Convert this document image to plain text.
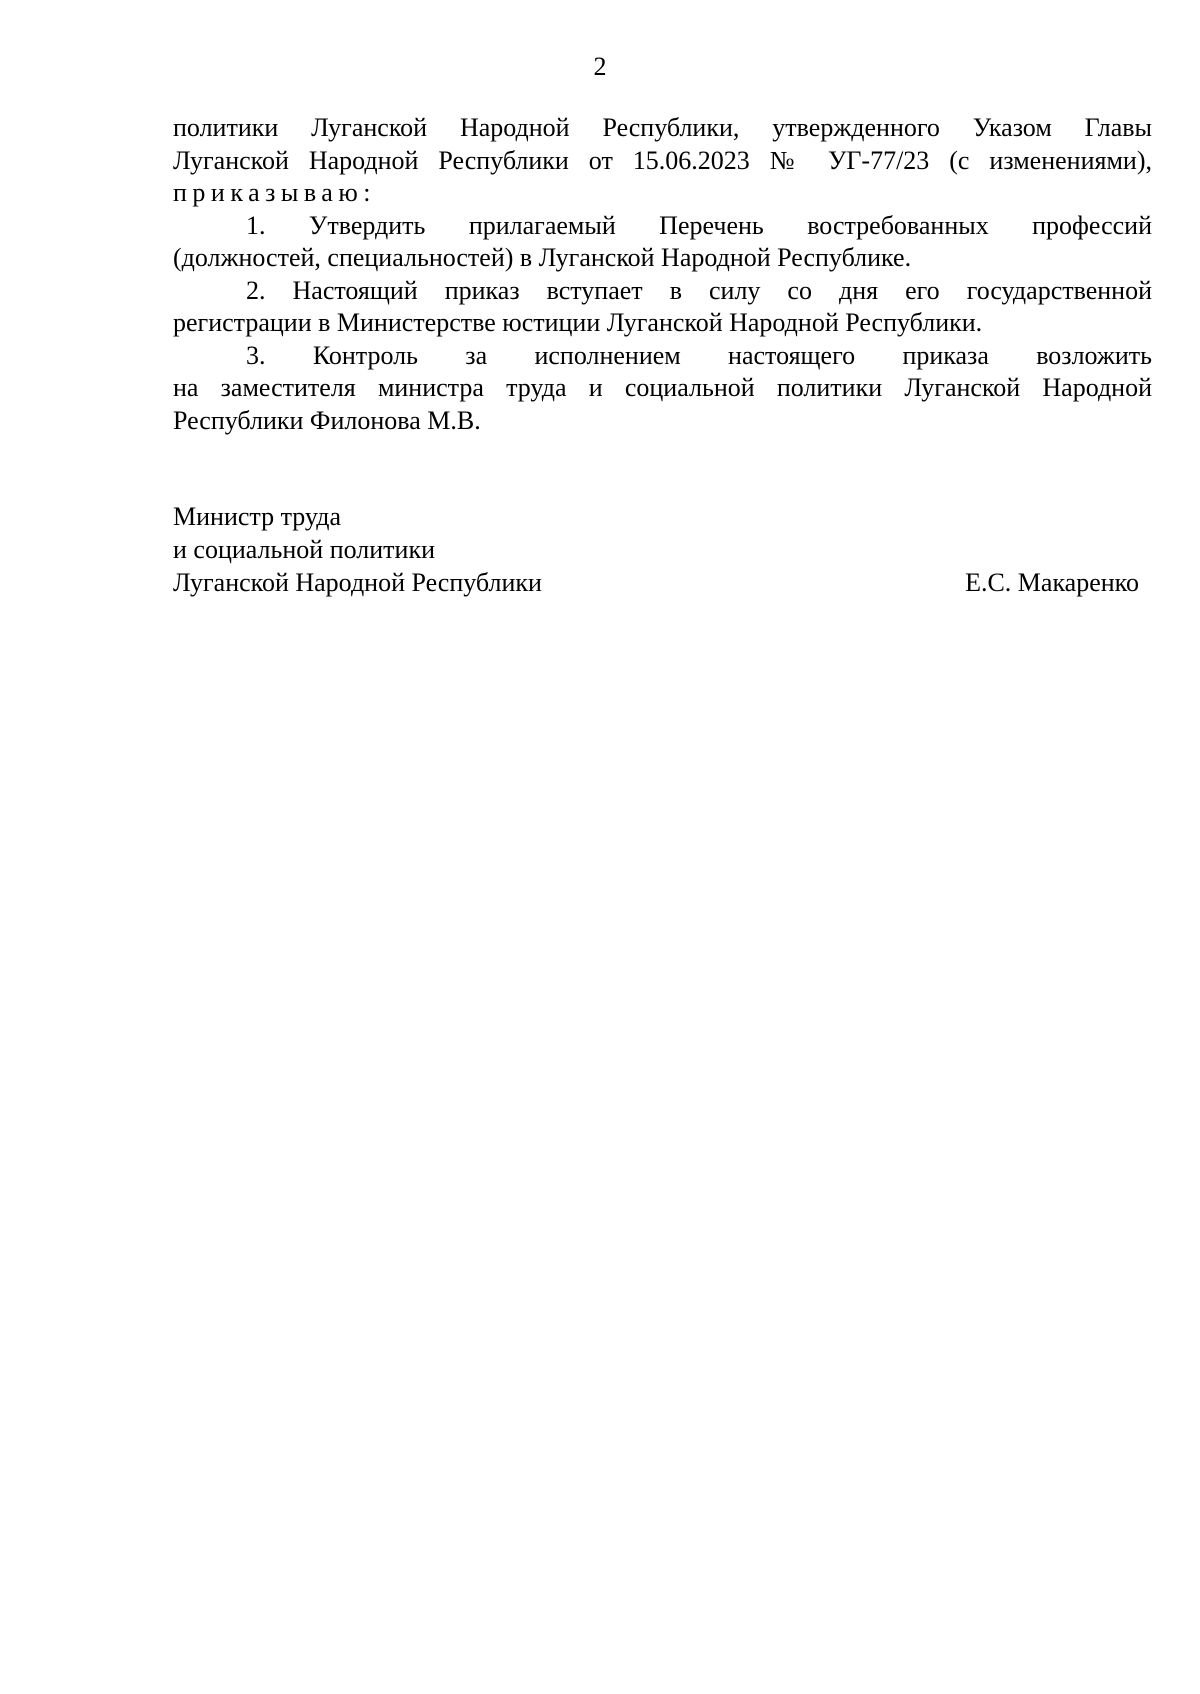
2
политики Луганской Народной Республики, утвержденного Указом Главы
Луганской Народной Республики от 15.06.2023 № УГ-77/23 (с изменениями),
приказываю:
1. Утвердить прилагаемый Перечень востребованных профессий
(должностей, специальностей) в Луганской Народной Республике.
2. Настоящий приказ вступает в силу со дня его государственной
регистрации в Министерстве юстиции Луганской Народной Республики.
3. Контроль за исполнением настоящего приказа возложить
на заместителя министра труда и социальной политики Луганской Народной
Республики Филонова М.В.
Министр труда
и социальной политики
Луганской Народной Республики	Е.С. Макаренко
